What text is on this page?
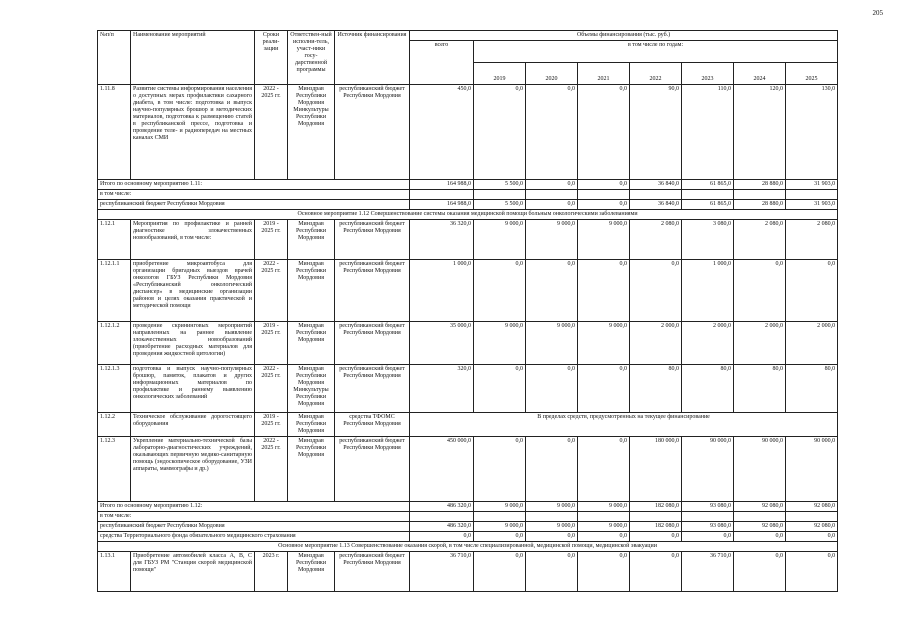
205
№п/п	Наименование мероприятий	Сроки реали-зации	Ответствен-ный исполни-тель, участ-ники госу-дарственной программы	Источник финансирования	Объемы финансирования (тыс. руб.)							
					всего	в том числе по годам:						
						2019	2020	2021	2022	2023	2024	2025
1.11.8	Развитие системы информирования населения о доступных мерах профилактики сахарного диабета, в том числе: подготовка и выпуск научно-популярных брошюр и методических материалов, подготовка к размещению статей в республиканской прессе, подготовка и проведение теле- и радиопередач на местных каналах СМИ	2022 - 2025 гг.	Минздрав Республики Мордовия Минкультуры Республики Мордовия	республиканский бюджет Республики Мордовия	450,0	0,0	0,0	0,0	90,0	110,0	120,0	130,0
Итого по основному мероприятию 1.11:					164 988,0	5 500,0	0,0	0,0	36 840,0	61 865,0	28 880,0	31 903,0
в том числе:												
республиканский бюджет Республики Мордовия					164 988,0	5 500,0	0,0	0,0	36 840,0	61 865,0	28 880,0	31 903,0
Основное мероприятие 1.12 Совершенствование системы оказания медицинской помощи больным онкологическими заболеваниями												
1.12.1	Мероприятия по профилактике и ранней диагностике злокачественных новообразований, в том числе:	2019 - 2025 гг.	Минздрав Республики Мордовия	республиканский бюджет Республики Мордовия	36 320,0	9 000,0	9 000,0	9 000,0	2 080,0	3 080,0	2 080,0	2 080,0
1.12.1.1	приобретение микроавтобуса для организации бригадных выездов врачей онкологов ГБУЗ Республики Мордовия «Республиканский онкологический диспансер» в медицинские организации районов и целях оказания практической и методической помощи	2022 - 2025 гг.	Минздрав Республики Мордовия	республиканский бюджет Республики Мордовия	1 000,0	0,0	0,0	0,0	0,0	1 000,0	0,0	0,0
1.12.1.2	проведение скрининговых мероприятий направленных на раннее выявление злокачественных новообразований (приобретение расходных материалов для проведения жидкостной цитологии)	2019 - 2025 гг.	Минздрав Республики Мордовия	республиканский бюджет Республики Мордовия	35 000,0	9 000,0	9 000,0	9 000,0	2 000,0	2 000,0	2 000,0	2 000,0
1.12.1.3	подготовка и выпуск научно-популярных брошюр, памяток, плакатов и других информационных материалов по профилактике и раннему выявлению онкологических заболеваний	2022 - 2025 гг.	Минздрав Республики Мордовия Минкультуры Республики Мордовия	республиканский бюджет Республики Мордовия	320,0	0,0	0,0	0,0	80,0	80,0	80,0	80,0
1.12.2	Техническое обслуживание дорогостоящего оборудования	2019 - 2025 гг.	Минздрав Республики Мордовия	средства ТФОМС Республики Мордовия	В пределах средств, предусмотренных на текущее финансирование							
1.12.3	Укрепление материально-технической базы лабораторно-диагностических учреждений, оказывающих первичную медико-санитарную помощь (эндоскопическое оборудование, УЗИ аппараты, маммографы и др.)	2022 - 2025 гг.	Минздрав Республики Мордовия	республиканский бюджет Республики Мордовия	450 000,0	0,0	0,0	0,0	180 000,0	90 000,0	90 000,0	90 000,0
Итого по основному мероприятию 1.12:					486 320,0	9 000,0	9 000,0	9 000,0	182 080,0	93 080,0	92 080,0	92 080,0
в том числе:												
республиканский бюджет Республики Мордовия					486 320,0	9 000,0	9 000,0	9 000,0	182 080,0	93 080,0	92 080,0	92 080,0
средства Территориального фонда обязательного медицинского страхования					0,0	0,0	0,0	0,0	0,0	0,0	0,0	0,0
Основное мероприятие 1.13 Совершенствование оказания скорой, в том числе специализированной, медицинской помощи, медицинской эвакуации												
1.13.1	Приобретение автомобилей класса А, В, С для ГБУЗ РМ "Станция скорой медицинской помощи"	2023 г.	Минздрав Республики Мордовия	республиканский бюджет Республики Мордовия	36 710,0	0,0	0,0	0,0	0,0	36 710,0	0,0	0,0
